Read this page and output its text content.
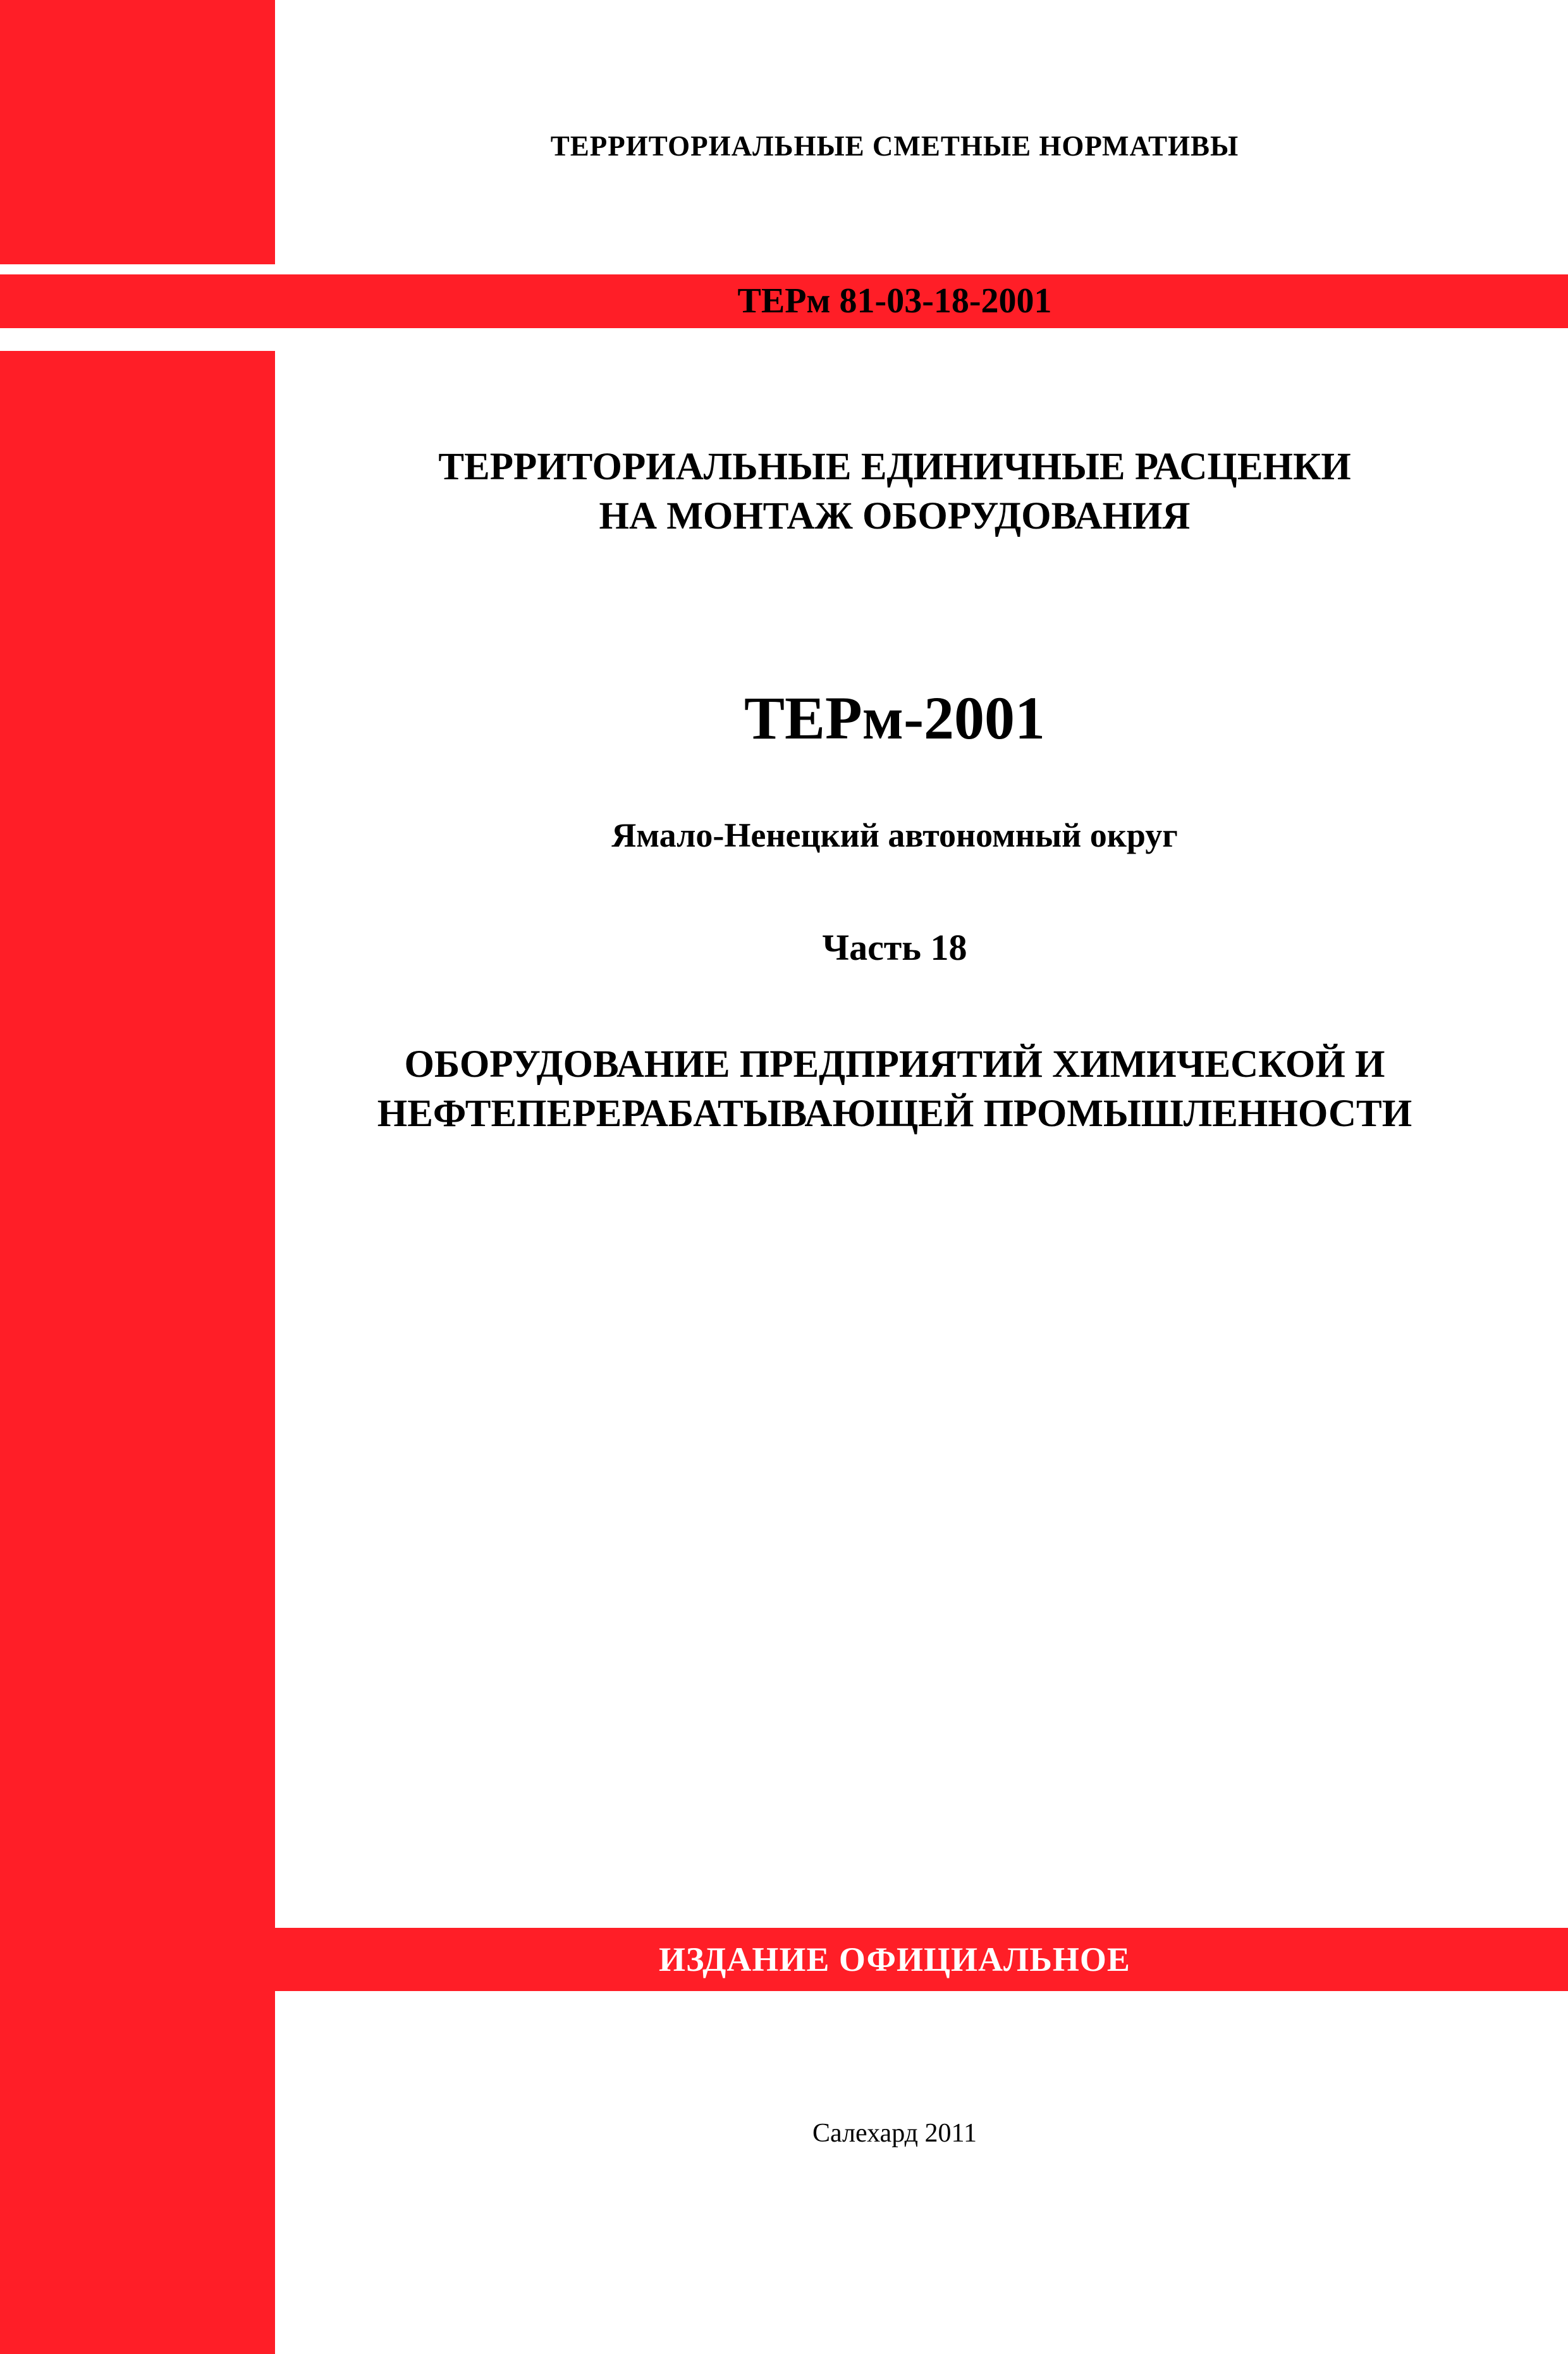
ТЕРРИТОРИАЛЬНЫЕ СМЕТНЫЕ НОРМАТИВЫ
ТЕРм 81-03-18-2001
ТЕРРИТОРИАЛЬНЫЕ ЕДИНИЧНЫЕ РАСЦЕНКИ
НА МОНТАЖ ОБОРУДОВАНИЯ
ТЕРм-2001
Ямало-Ненецкий автономный округ
Часть 18
ОБОРУДОВАНИЕ ПРЕДПРИЯТИЙ ХИМИЧЕСКОЙ И
НЕФТЕПЕРЕРАБАТЫВАЮЩЕЙ ПРОМЫШЛЕННОСТИ
ИЗДАНИЕ ОФИЦИАЛЬНОЕ
Салехард 2011
